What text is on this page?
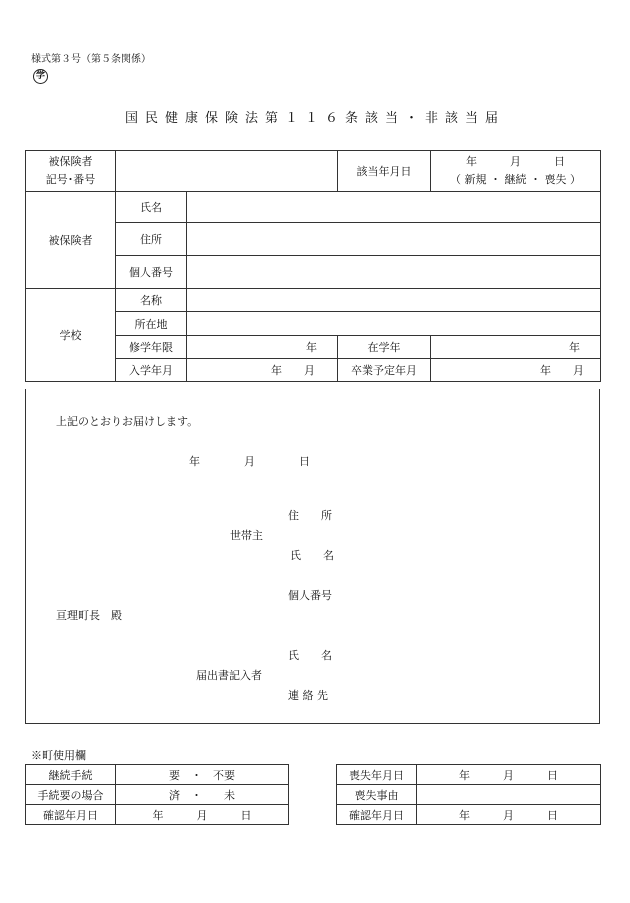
様式第３号（第５条関係）
学
国民健康保険法第１１６条該当・非該当届
被保険者
記号･番号			該当年月日	年　　　月　　　日
（ 新規 ・ 継続 ・ 喪失 ）
被保険者	氏名			
	住所			
	個人番号			
学校	名称			
	所在地			
	修学年限	年	在学年	年
	入学年月	年　　月	卒業予定年月	年　　月
上記のとおりお届けします。
年　　　　月　　　　日
住　　所
世帯主
氏　　名
個人番号
亘理町長　殿
氏　　名
届出書記入者
連 絡 先
※町使用欄
継続手続	要　・　不要
手続要の場合	済　・　　未
確認年月日	年　　　月　　　日
喪失年月日	年　　　月　　　日
喪失事由	
確認年月日	年　　　月　　　日
